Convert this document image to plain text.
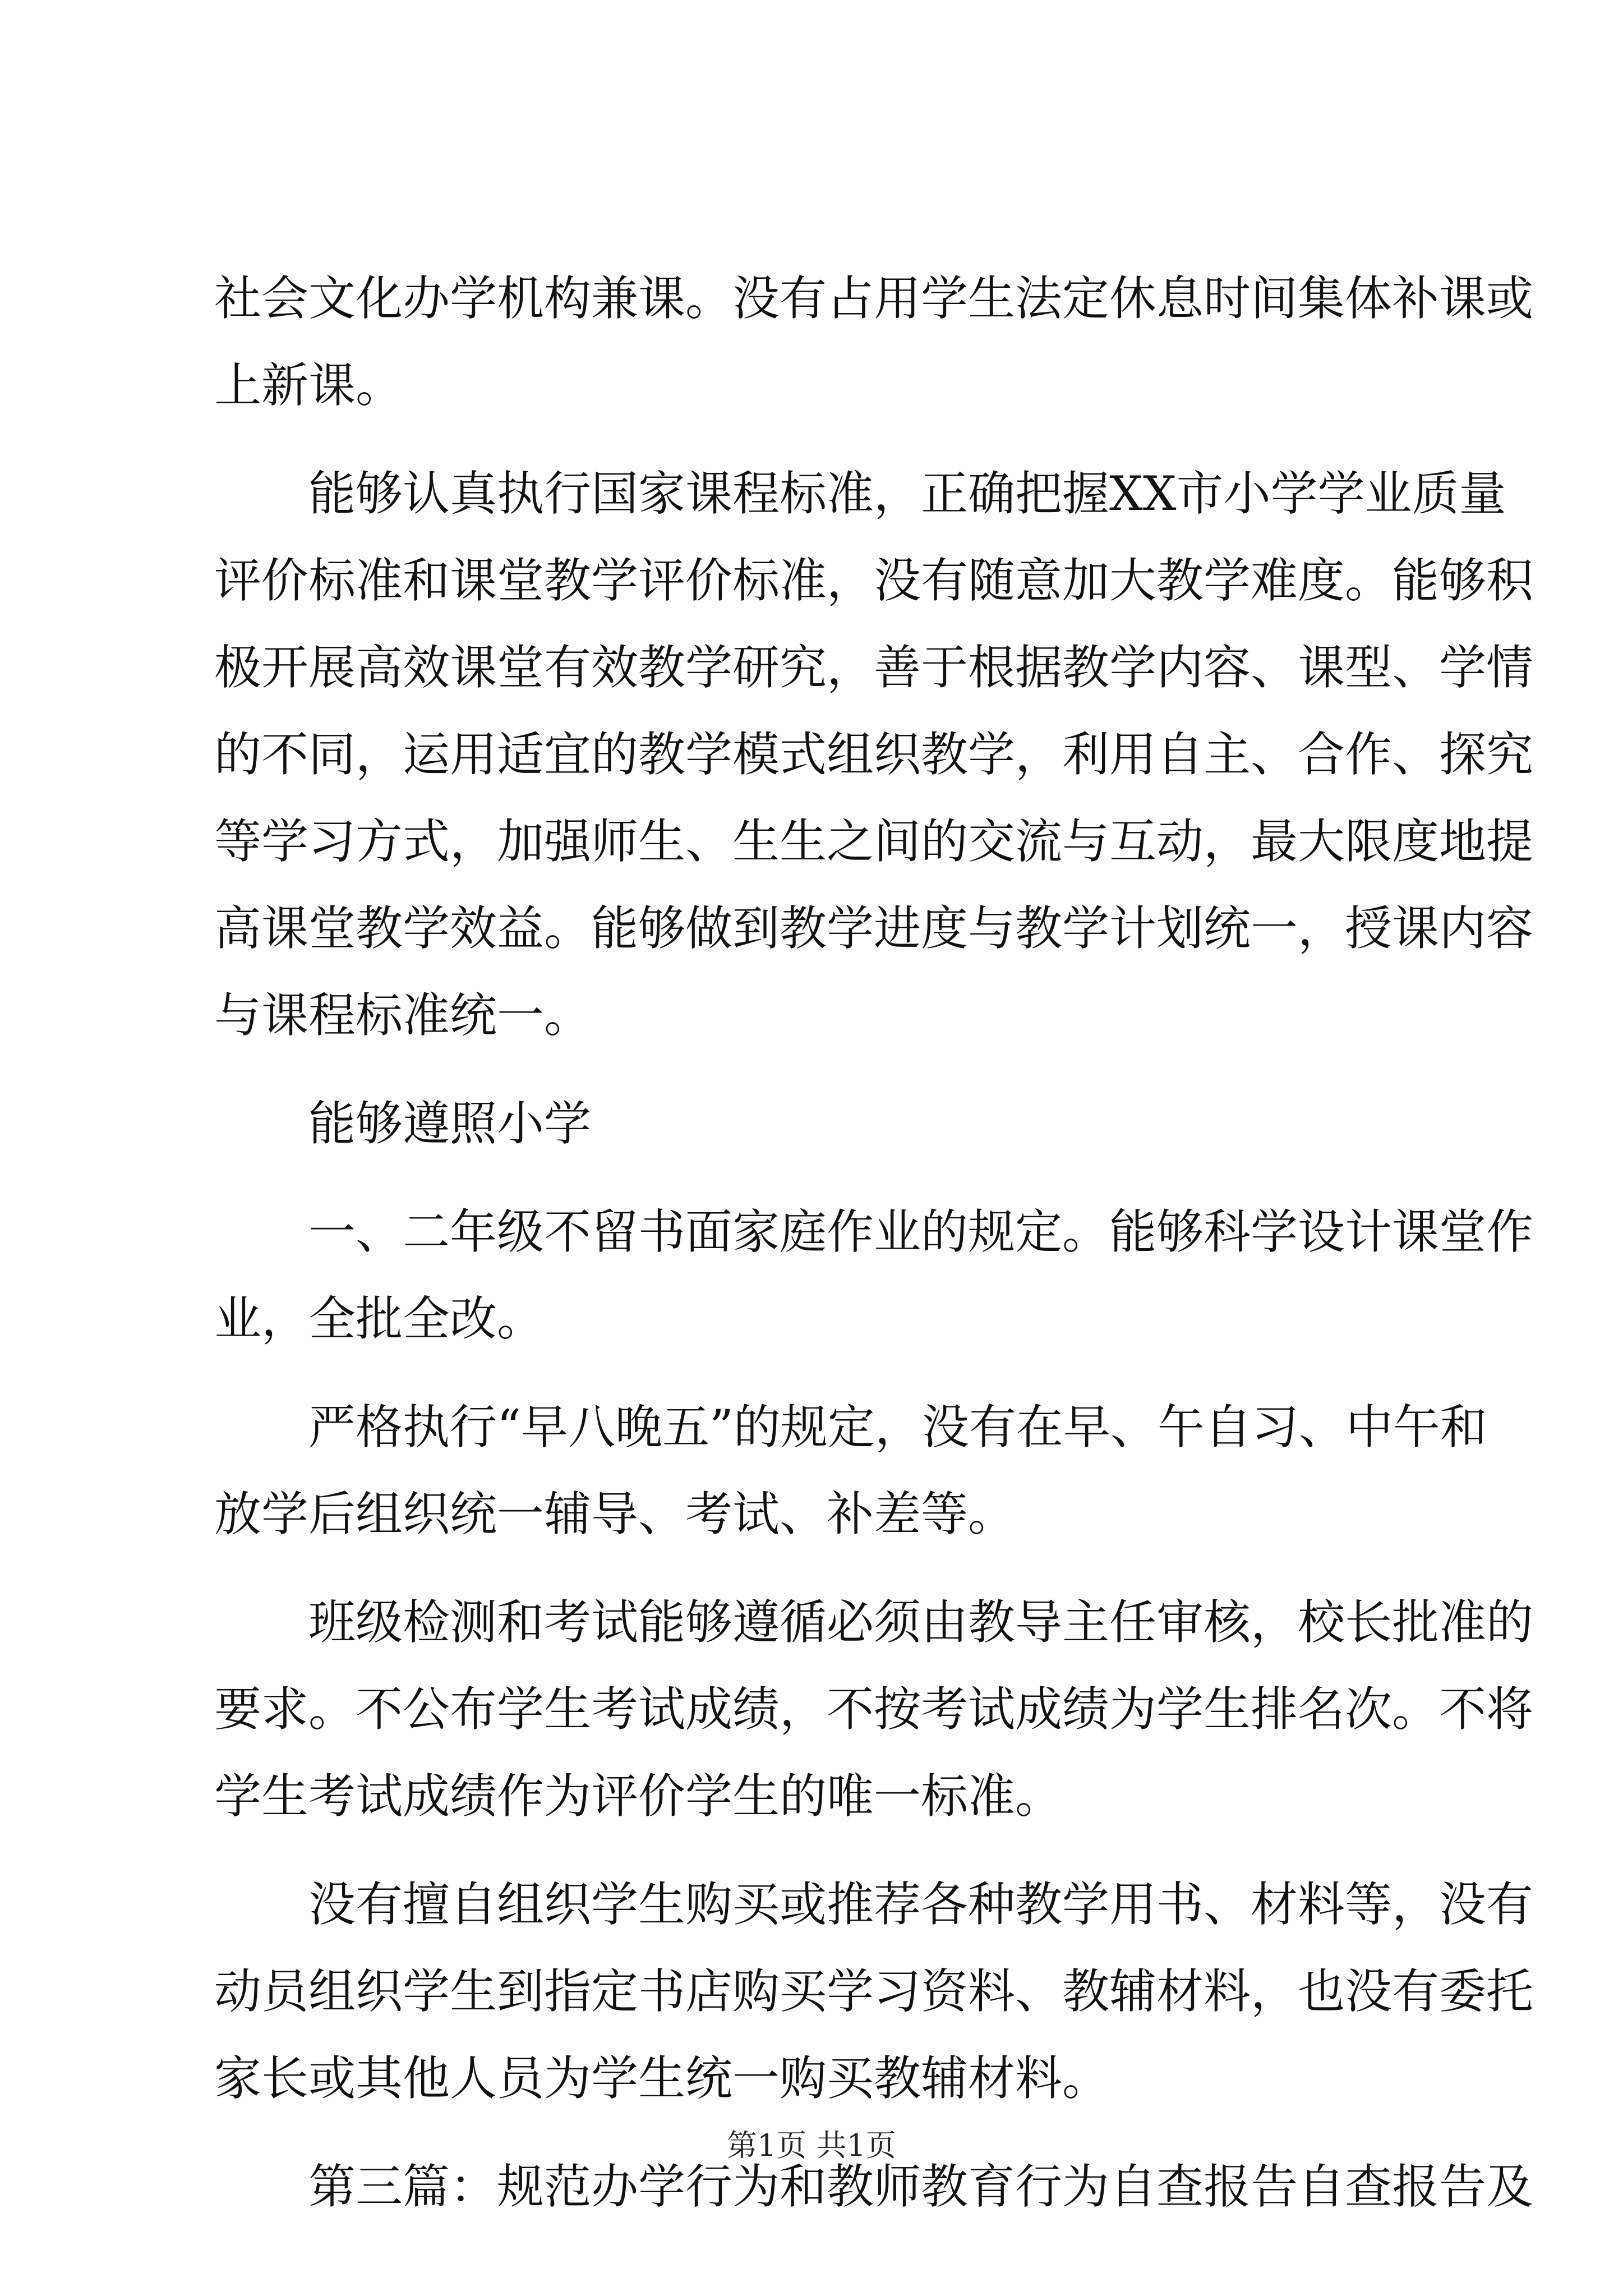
社会文化办学机构兼课。没有占用学生法定休息时间集体补课或
上新课。
能够认真执行国家课程标准，正确把握XX市小学学业质量
评价标准和课堂教学评价标准，没有随意加大教学难度。能够积
极开展高效课堂有效教学研究，善于根据教学内容、课型、学情
的不同，运用适宜的教学模式组织教学，利用自主、合作、探究
等学习方式，加强师生、生生之间的交流与互动，最大限度地提
高课堂教学效益。能够做到教学进度与教学计划统一，授课内容
与课程标准统一。
能够遵照小学
一、二年级不留书面家庭作业的规定。能够科学设计课堂作
业，全批全改。
严格执行“早八晚五”的规定，没有在早、午自习、中午和
放学后组织统一辅导、考试、补差等。
班级检测和考试能够遵循必须由教导主任审核，校长批准的
要求。不公布学生考试成绩，不按考试成绩为学生排名次。不将
学生考试成绩作为评价学生的唯一标准。
没有擅自组织学生购买或推荐各种教学用书、材料等，没有
动员组织学生到指定书店购买学习资料、教辅材料，也没有委托
家长或其他人员为学生统一购买教辅材料。
第三篇：规范办学行为和教师教育行为自查报告自查报告及
第1页 共1页
